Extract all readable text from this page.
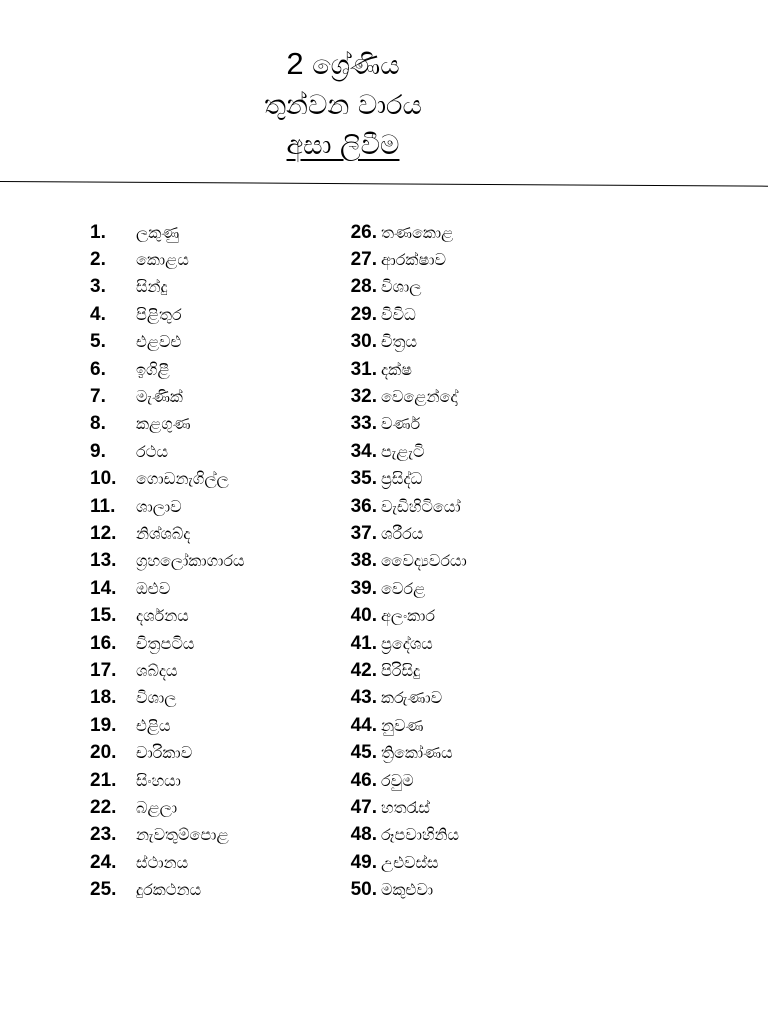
2 ශ්‍රේණිය
තුන්වන වාරය
අසා ලිවීම
1.	ලකුණු
2.	කොළය
3.	සින්දු
4.	පිළිතුර
5.	එළවළු
6.	ඉගිළී
7.	මැණික්
8.	කළගුණ
9.	රථය
10.	ගොඩනැගිල්ල
11.	ශාලාව
12.	නිශ්ශබ්ද
13.	ග්‍රහලෝකාගාරය
14.	ඔළුව
15.	දර්ශනය
16.	චිත්‍රපටිය
17.	ශබ්දය
18.	විශාල
19.	එළිය
20.	චාරිකාව
21.	සිංහයා
22.	බළලා
23.	නැවතුම්පොළ
24.	ස්ථානය
25.	දුරකථනය
26. තණකොළ
27. ආරක්ෂාව
28. විශාල
29. විවිධ
30. චිත්‍රය
31. දක්ෂ
32. වෙළෙන්දෝ
33. වර්ණ
34. පැළැටි
35. ප්‍රසිද්ධ
36. වැඩිහිටියෝ
37. ශරීරය
38. වෛද්‍යවරයා
39. වෙරළ
40. අලංකාර
41. ප්‍රදේශය
42. පිරිසිදු
43. කරුණාව
44. නුවණ
45. ත්‍රිකෝණය
46. රවුම
47. හතරැස්
48. රූපවාහිනිය
49. උළුවස්ස
50. මකුළුවා
